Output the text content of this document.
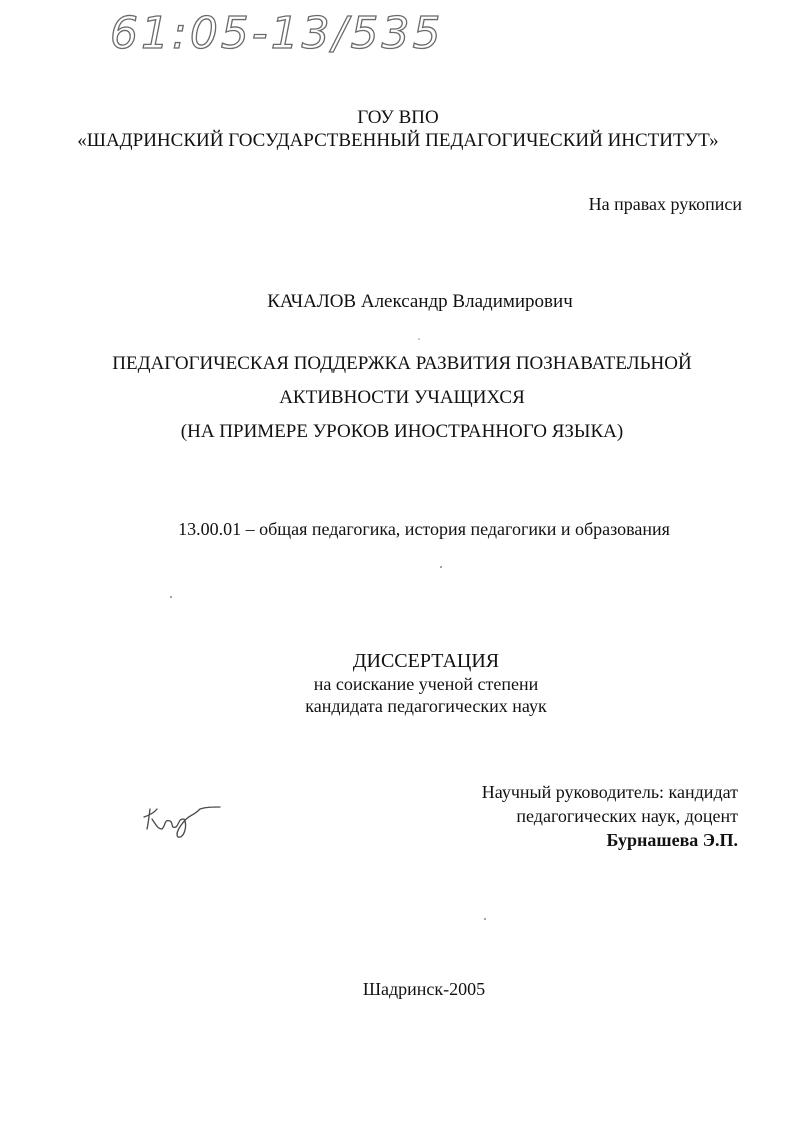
61:05-13/535
ГОУ ВПО
«ШАДРИНСКИЙ ГОСУДАРСТВЕННЫЙ ПЕДАГОГИЧЕСКИЙ ИНСТИТУТ»
На правах рукописи
КАЧАЛОВ Александр Владимирович
ПЕДАГОГИЧЕСКАЯ ПОДДЕРЖКА РАЗВИТИЯ ПОЗНАВАТЕЛЬНОЙ
АКТИВНОСТИ УЧАЩИХСЯ
(НА ПРИМЕРЕ УРОКОВ ИНОСТРАННОГО ЯЗЫКА)
13.00.01 – общая педагогика, история педагогики и образования
ДИССЕРТАЦИЯ
на соискание ученой степени
кандидата педагогических наук
Научный руководитель: кандидат
педагогических наук, доцент
Бурнашева Э.П.
Шадринск-2005
